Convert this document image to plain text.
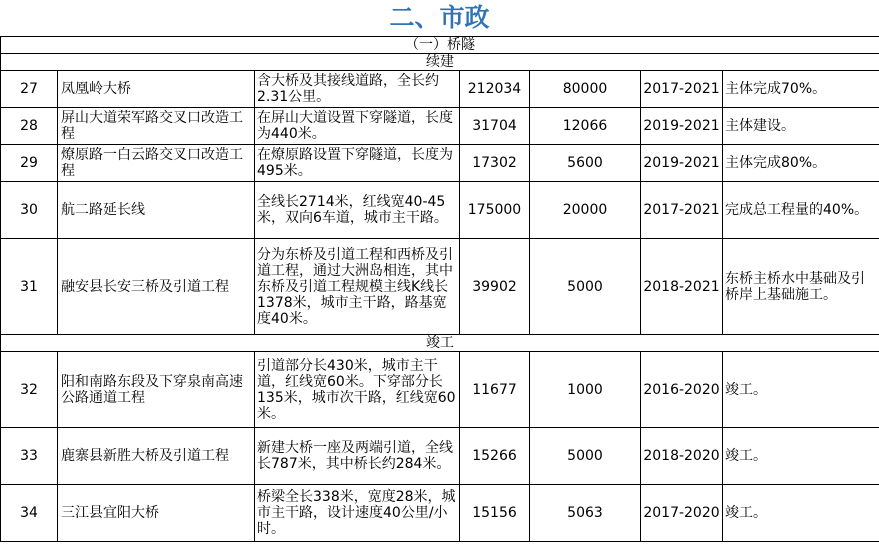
二、市政
（一）桥隧						
续建						
27	凤凰岭大桥	含大桥及其接线道路，全长约2.31公里。	212034	80000	2017-2021	主体完成70%。
28	屏山大道荣军路交叉口改造工程	在屏山大道设置下穿隧道，长度为440米。	31704	12066	2019-2021	主体建设。
29	燎原路一白云路交叉口改造工程	在燎原路设置下穿隧道，长度为495米。	17302	5600	2019-2021	主体完成80%。
30	航二路延长线	全线长2714米，红线宽40-45米，双向6车道，城市主干路。	175000	20000	2017-2021	完成总工程量的40%。
31	融安县长安三桥及引道工程	分为东桥及引道工程和西桥及引道工程，通过大洲岛相连，其中东桥及引道工程规模主线K线长1378米，城市主干路，路基宽度40米。	39902	5000	2018-2021	东桥主桥水中基础及引桥岸上基础施工。
竣工						
32	阳和南路东段及下穿泉南高速公路通道工程	引道部分长430米，城市主干道，红线宽60米。下穿部分长135米，城市次干路，红线宽60米。	11677	1000	2016-2020	竣工。
33	鹿寨县新胜大桥及引道工程	新建大桥一座及两端引道，全线长787米，其中桥长约284米。	15266	5000	2018-2020	竣工。
34	三江县宜阳大桥	桥梁全长338米，宽度28米，城市主干路，设计速度40公里/小时。	15156	5063	2017-2020	竣工。
